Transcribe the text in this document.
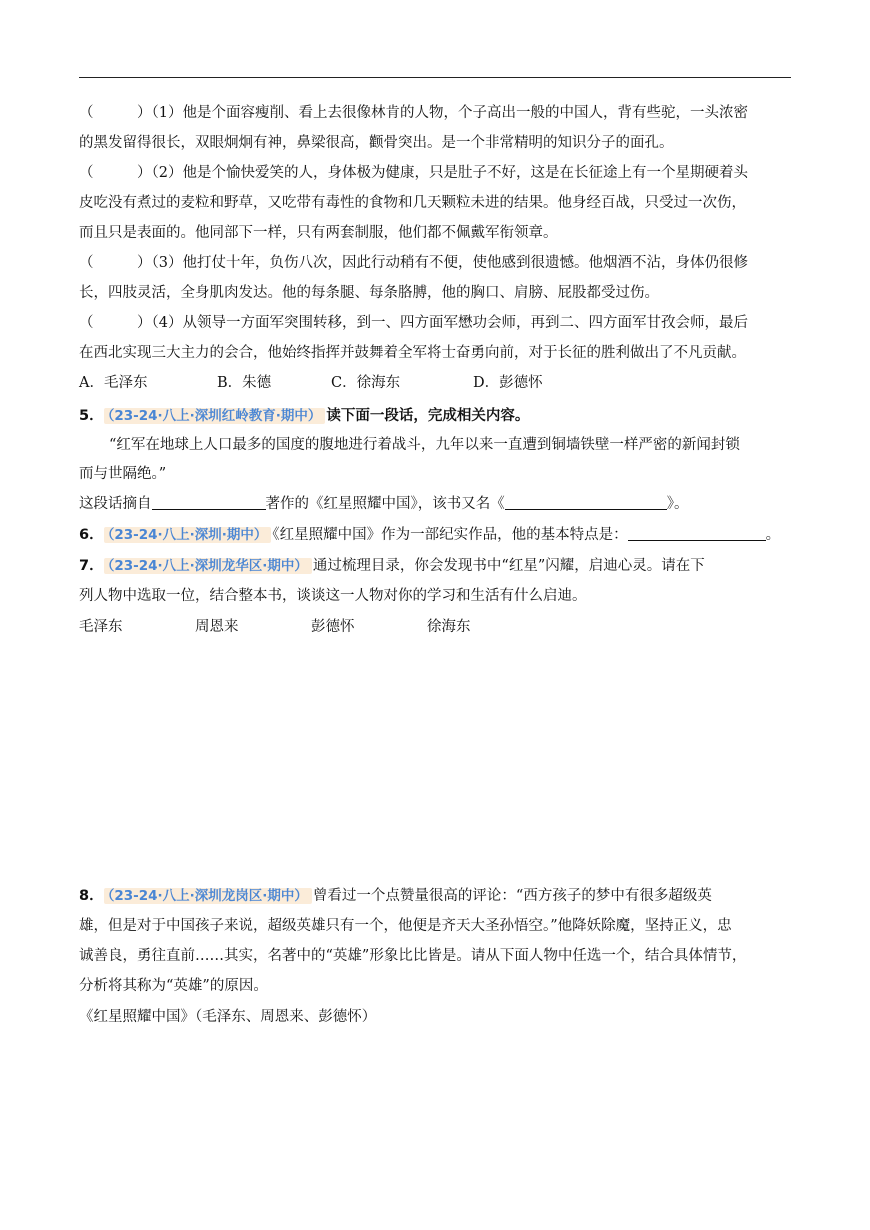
（　　　）（1）他是个面容瘦削、看上去很像林肯的人物，个子高出一般的中国人，背有些驼，一头浓密
的黑发留得很长，双眼炯炯有神，鼻梁很高，颧骨突出。是一个非常精明的知识分子的面孔。
（　　　）（2）他是个愉快爱笑的人，身体极为健康，只是肚子不好，这是在长征途上有一个星期硬着头
皮吃没有煮过的麦粒和野草，又吃带有毒性的食物和几天颗粒未进的结果。他身经百战，只受过一次伤，
而且只是表面的。他同部下一样，只有两套制服，他们都不佩戴军衔领章。
（　　　）（3）他打仗十年，负伤八次，因此行动稍有不便，使他感到很遗憾。他烟酒不沾，身体仍很修
长，四肢灵活，全身肌肉发达。他的每条腿、每条胳膊，他的胸口、肩膀、屁股都受过伤。
（　　　）（4）从领导一方面军突围转移，到一、四方面军懋功会师，再到二、四方面军甘孜会师，最后
在西北实现三大主力的会合，他始终指挥并鼓舞着全军将士奋勇向前，对于长征的胜利做出了不凡贡献。
A．毛泽东	B．朱德	C．徐海东	D．彭德怀
5． （23-24·八上·深圳红岭教育·期中） 读下面一段话，完成相关内容。
“红军在地球上人口最多的国度的腹地进行着战斗，九年以来一直遭到铜墙铁壁一样严密的新闻封锁
而与世隔绝。”
这段话摘自	著作的《红星照耀中国》，该书又名《	》。
6． （23-24·八上·深圳·期中） 《红星照耀中国》作为一部纪实作品，他的基本特点是：	。
7． （23-24·八上·深圳龙华区·期中） 通过梳理目录，你会发现书中“红星”闪耀，启迪心灵。请在下
列人物中选取一位，结合整本书，谈谈这一人物对你的学习和生活有什么启迪。
毛泽东	周恩来	彭德怀	徐海东
8． （23-24·八上·深圳龙岗区·期中） 曾看过一个点赞量很高的评论：“西方孩子的梦中有很多超级英
雄，但是对于中国孩子来说，超级英雄只有一个，他便是齐天大圣孙悟空。”他降妖除魔，坚持正义，忠
诚善良，勇往直前……其实，名著中的“英雄”形象比比皆是。请从下面人物中任选一个，结合具体情节，
分析将其称为“英雄”的原因。
《红星照耀中国》（毛泽东、周恩来、彭德怀）
